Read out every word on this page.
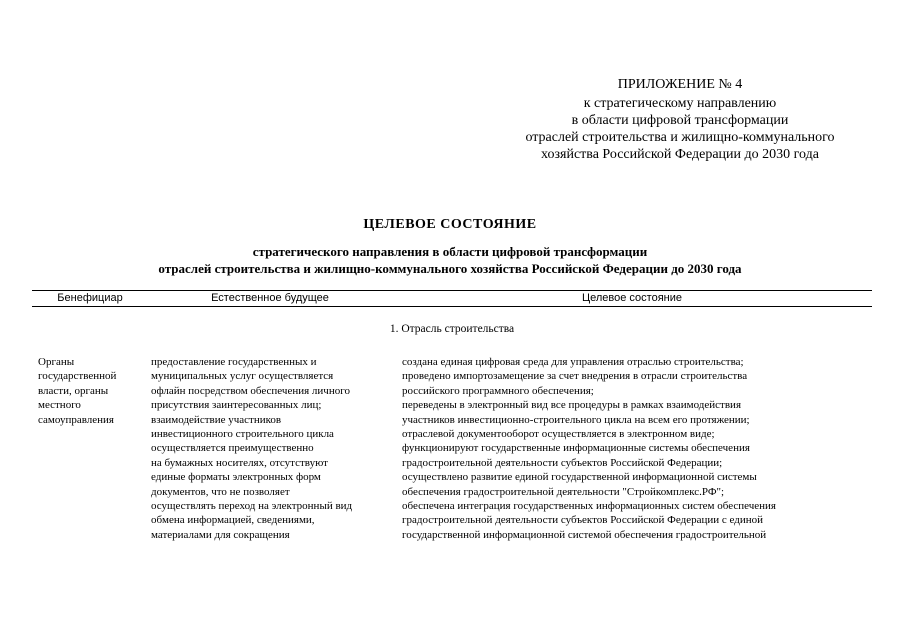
ПРИЛОЖЕНИЕ № 4
к стратегическому направлению
в области цифровой трансформации
отраслей строительства и жилищно-коммунального
хозяйства Российской Федерации до 2030 года
ЦЕЛЕВОЕ СОСТОЯНИЕ
стратегического направления в области цифровой трансформации
отраслей строительства и жилищно-коммунального хозяйства Российской Федерации до 2030 года
Бенефициар	Естественное будущее	Целевое состояние
1. Отрасль строительства
Органы
государственной
власти, органы
местного
самоуправления
предоставление государственных и
муниципальных услуг осуществляется
офлайн посредством обеспечения личного
присутствия заинтересованных лиц;
взаимодействие участников
инвестиционного строительного цикла
осуществляется преимущественно
на бумажных носителях, отсутствуют
единые форматы электронных форм
документов, что не позволяет
осуществлять переход на электронный вид
обмена информацией, сведениями,
материалами для сокращения
создана единая цифровая среда для управления отраслью строительства;
проведено импортозамещение за счет внедрения в отрасли строительства
российского программного обеспечения;
переведены в электронный вид все процедуры в рамках взаимодействия
участников инвестиционно-строительного цикла на всем его протяжении;
отраслевой документооборот осуществляется в электронном виде;
функционируют государственные информационные системы обеспечения
градостроительной деятельности субъектов Российской Федерации;
осуществлено развитие единой государственной информационной системы
обеспечения градостроительной деятельности "Стройкомплекс.РФ";
обеспечена интеграция государственных информационных систем обеспечения
градостроительной деятельности субъектов Российской Федерации с единой
государственной информационной системой обеспечения градостроительной
